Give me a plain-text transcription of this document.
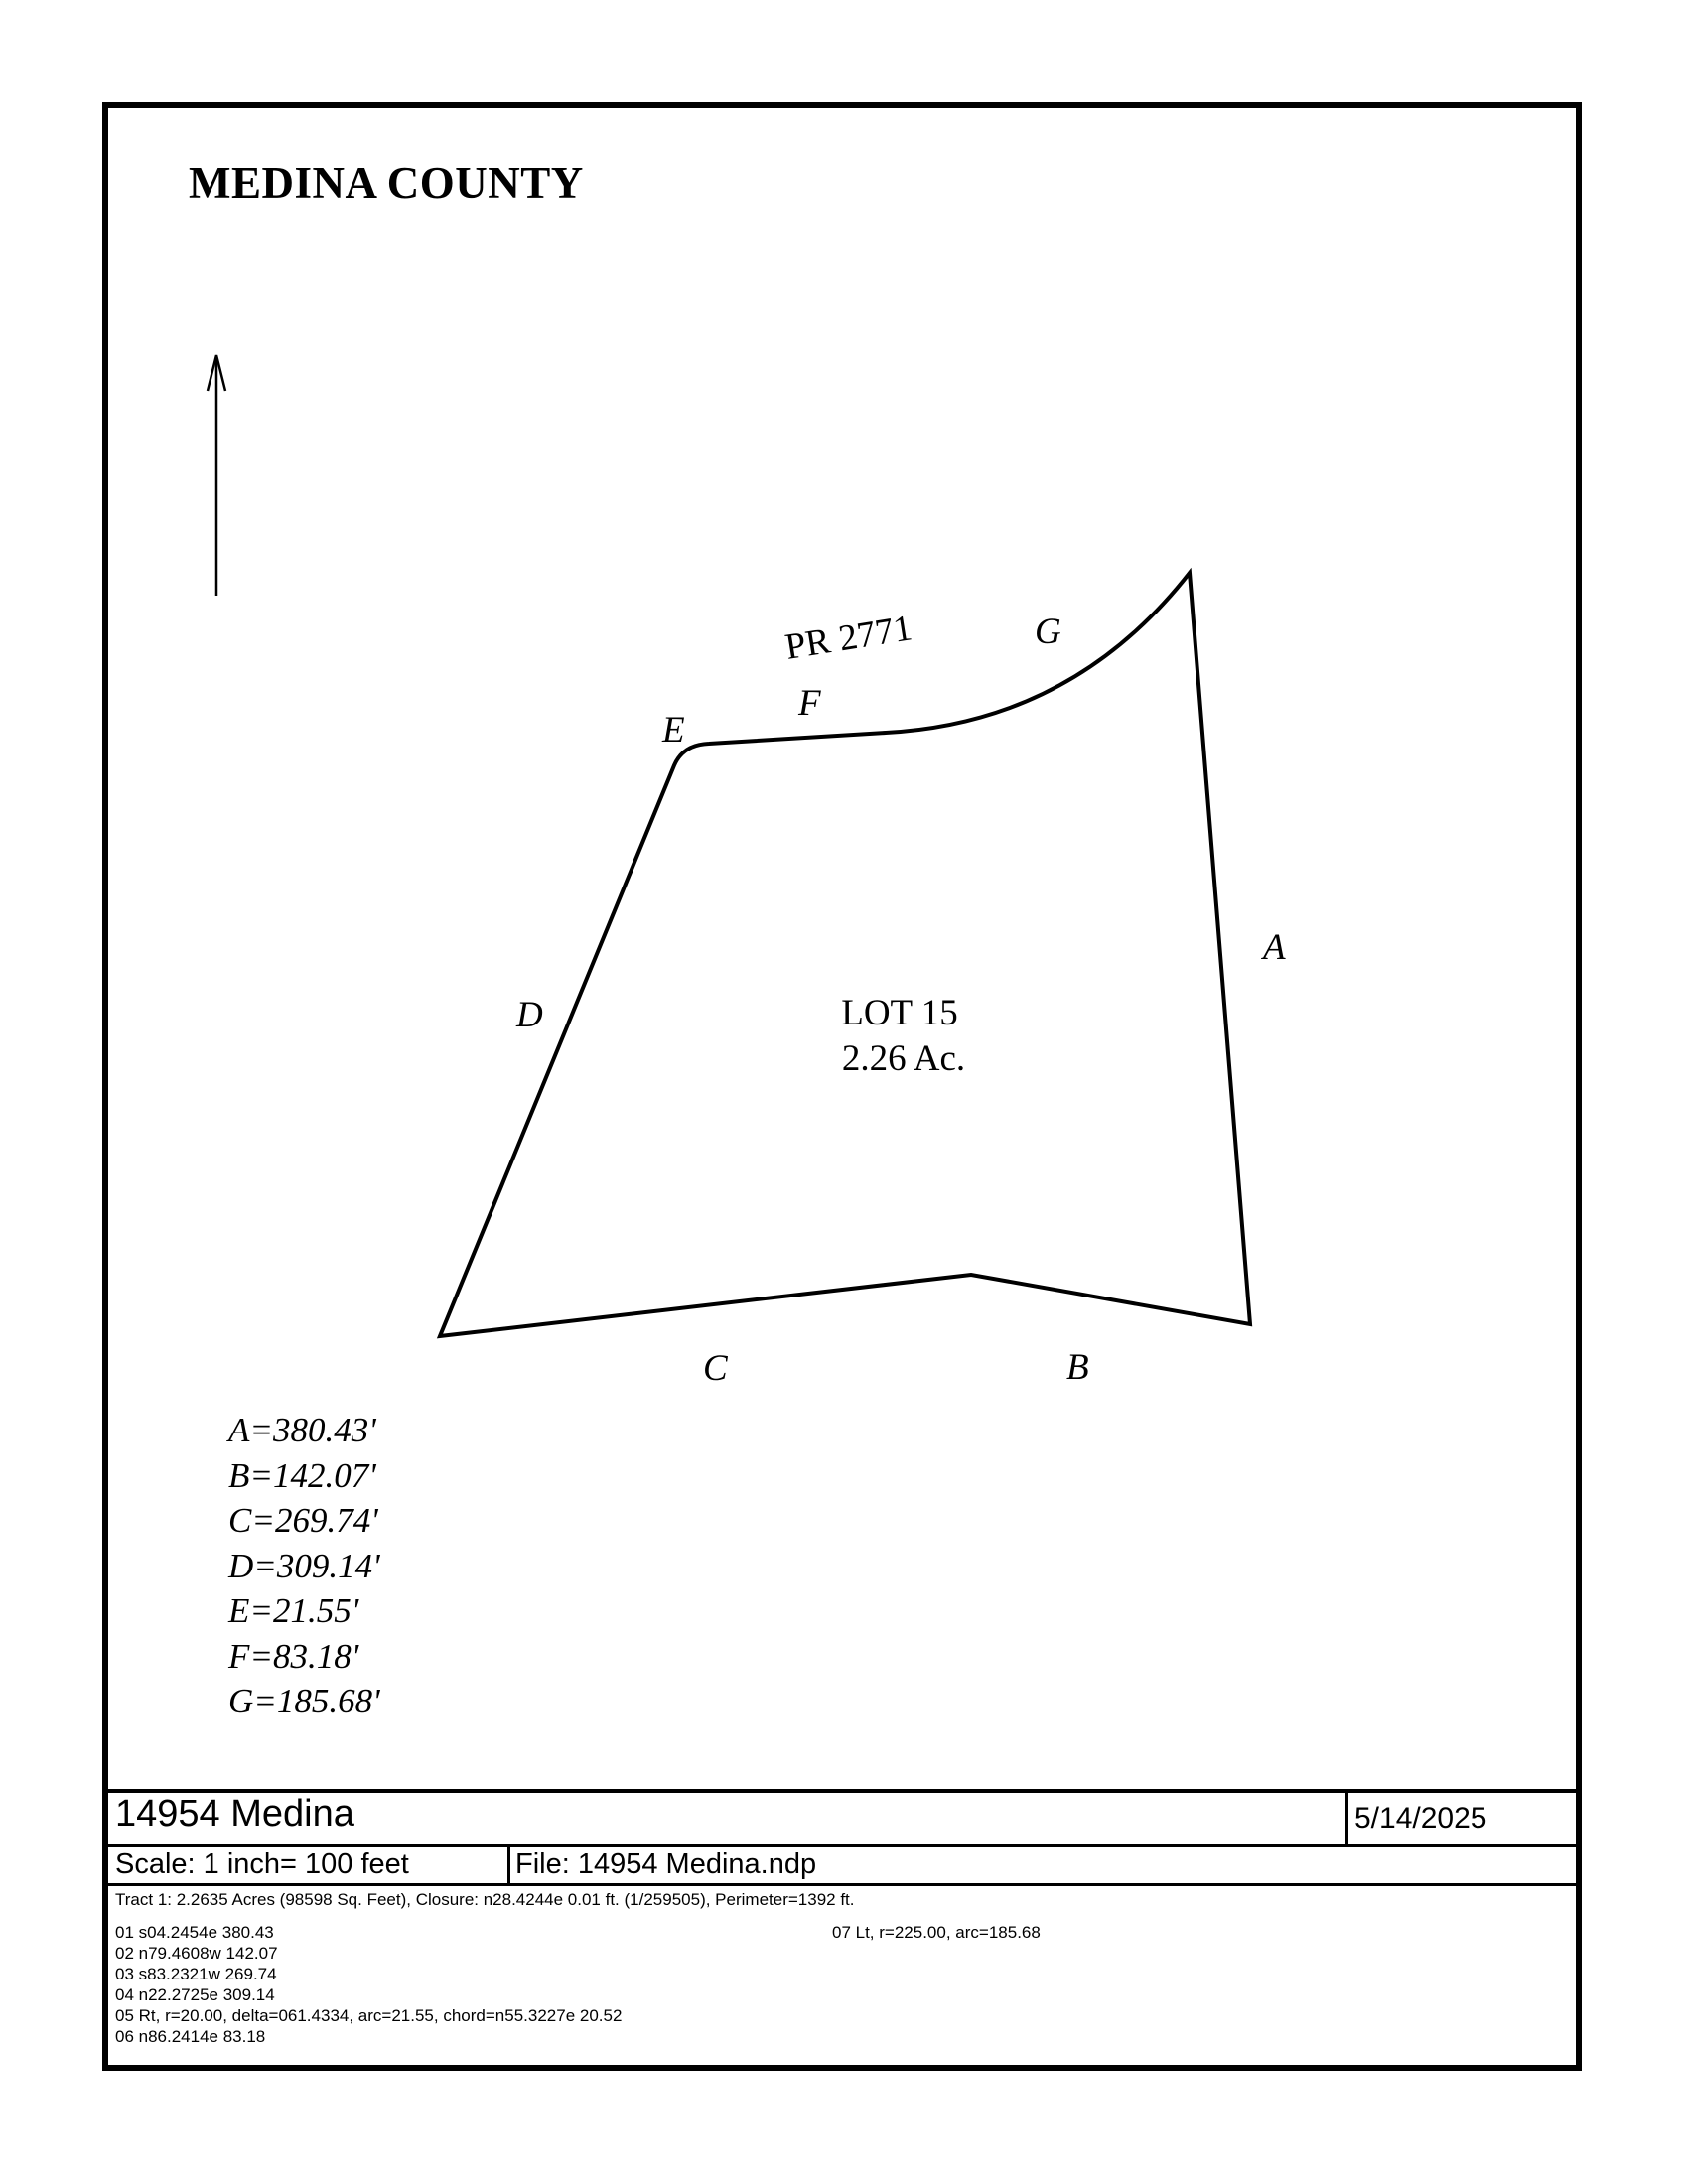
MEDINA COUNTY
PR 2771
A
B
C
D
E
F
G
LOT 15
2.26 Ac.
A=380.43'
B=142.07'
C=269.74'
D=309.14'
E=21.55'
F=83.18'
G=185.68'
14954 Medina	5/14/2025
Scale: 1 inch= 100 feet	File: 14954 Medina.ndp
Tract 1: 2.2635 Acres (98598 Sq. Feet), Closure: n28.4244e 0.01 ft. (1/259505), Perimeter=1392 ft.
01 s04.2454e 380.43
02 n79.4608w 142.07
03 s83.2321w 269.74
04 n22.2725e 309.14
05 Rt, r=20.00, delta=061.4334, arc=21.55, chord=n55.3227e 20.52
06 n86.2414e 83.18
07 Lt, r=225.00, arc=185.68
